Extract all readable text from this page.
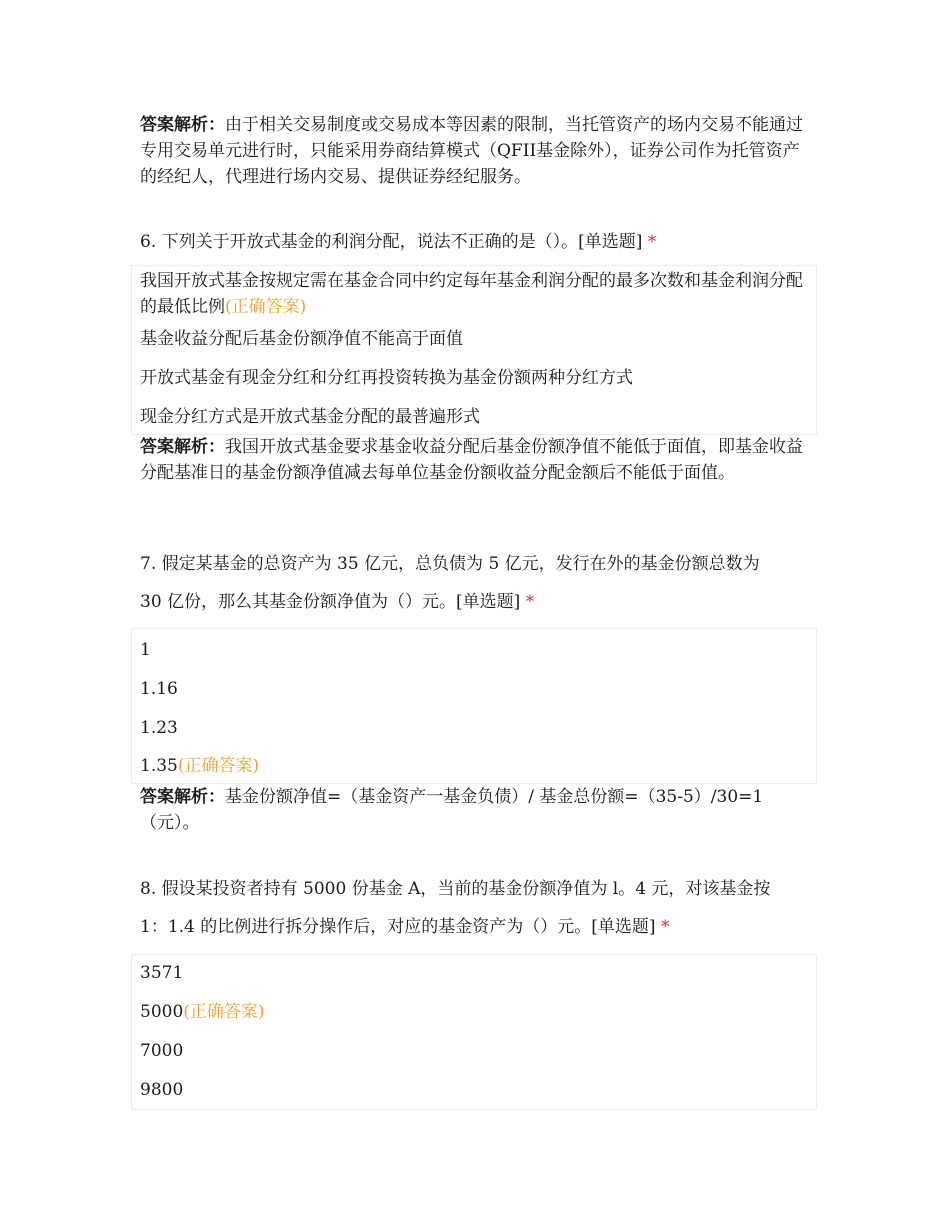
答案解析：由于相关交易制度或交易成本等因素的限制，当托管资产的场内交易不能通过专用交易单元进行时，只能采用券商结算模式（QFII基金除外），证券公司作为托管资产的经纪人，代理进行场内交易、提供证券经纪服务。
6. 下列关于开放式基金的利润分配，说法不正确的是（）。[单选题] *
我国开放式基金按规定需在基金合同中约定每年基金利润分配的最多次数和基金利润分配的最低比例(正确答案)
基金收益分配后基金份额净值不能高于面值
开放式基金有现金分红和分红再投资转换为基金份额两种分红方式
现金分红方式是开放式基金分配的最普遍形式
答案解析：我国开放式基金要求基金收益分配后基金份额净值不能低于面值，即基金收益分配基准日的基金份额净值减去每单位基金份额收益分配金额后不能低于面值。
7. 假定某基金的总资产为 35 亿元，总负债为 5 亿元，发行在外的基金份额总数为
30 亿份，那么其基金份额净值为（）元。[单选题] *
1
1.16
1.23
1.35(正确答案)
答案解析：基金份额净值=（基金资产一基金负债）/ 基金总份额=（35-5）/30=1（元）。
8. 假设某投资者持有 5000 份基金 A，当前的基金份额净值为 l。4 元，对该基金按
1：1.4 的比例进行拆分操作后，对应的基金资产为（）元。[单选题] *
3571
5000(正确答案)
7000
9800
